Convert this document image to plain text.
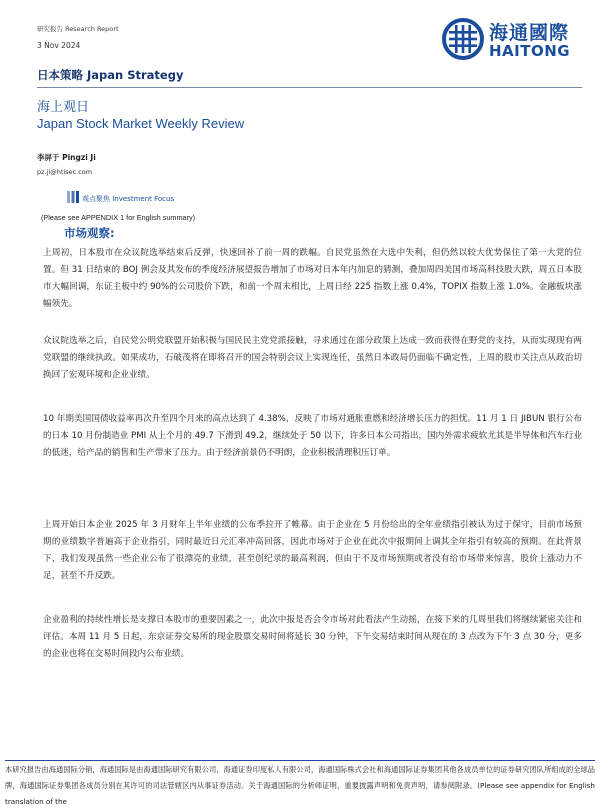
研究报告 Research Report
3 Nov 2024
海通國際
HAITONG
日本策略 Japan Strategy
海上观日
Japan Stock Market Weekly Review
李屏于 Pingzi Ji
pz.ji@htisec.com
观点聚焦 Investment Focus
(Please see APPENDIX 1 for English summary)
市场观察:

上周初，日本股市在众议院选举结束后反弹，快速回补了前一周的跌幅。自民党虽然在大选中失利，但仍然以较大优势保住了第一大党的位置。但 31 日结束的 BOJ 例会及其发布的季度经济展望报告增加了市场对日本年内加息的猜测，叠加周四美国市场高科技股大跌，周五日本股市大幅回调，东证主板中约 90%的公司股价下跌，和前一个周末相比，上周日经 225 指数上涨 0.4%，TOPIX 指数上涨 1.0%。金融板块涨幅领先。

众议院选举之后，自民党公明党联盟开始积极与国民民主党党派接触，寻求通过在部分政策上达成一致而获得在野党的支持，从而实现现有两党联盟的继续执政。如果成功，石破茂将在即将召开的国会特别会议上实现连任，虽然日本政局仍面临不确定性，上周的股市关注点从政治切换回了宏观环境和企业业绩。

10 年期美国国债收益率再次升至四个月来的高点达到了 4.38%，反映了市场对通胀重燃和经济增长压力的担忧。11 月 1 日 JIBUN 银行公布的日本 10 月份制造业 PMI 从上个月的 49.7 下滑到 49.2，继续处于 50 以下，许多日本公司指出，国内外需求疲软尤其是半导体和汽车行业的低迷，给产品的销售和生产带来了压力。由于经济前景仍不明朗，企业积极清理积压订单。

上周开始日本企业 2025 年 3 月财年上半年业绩的公布季拉开了帷幕。由于企业在 5 月份给出的全年业绩指引被认为过于保守，目前市场预期的业绩数字普遍高于企业指引，同时最近日元汇率冲高回落，因此市场对于企业在此次中报期间上调其全年指引有较高的预期。在此背景下，我们发现虽然一些企业公布了很漂亮的业绩，甚至创纪录的最高利润，但由于不及市场预期或者没有给市场带来惊喜，股价上涨动力不足，甚至不升反跌。

企业盈利的持续性增长是支撑日本股市的重要因素之一，此次中报是否会令市场对此看法产生动摇，在接下来的几周里我们将继续紧密关注和评估。本周 11 月 5 日起，东京证券交易所的现金股票交易时间将延长 30 分钟，下午交易结束时间从现在的 3 点改为下午 3 点 30 分，更多的企业也将在交易时间段内公布业绩。

本研究报告由海通国际分销，海通国际是由海通国际研究有限公司，海通证券印度私人有限公司，海通国际株式会社和海通国际证券集团其他各成员单位的证券研究团队所组成的全球品牌，海通国际证券集团各成员分别在其许可的司法管辖区内从事证券活动。关于海通国际的分析师证明，重要披露声明和免责声明，请参阅附录。(Please see appendix for English translation of the
